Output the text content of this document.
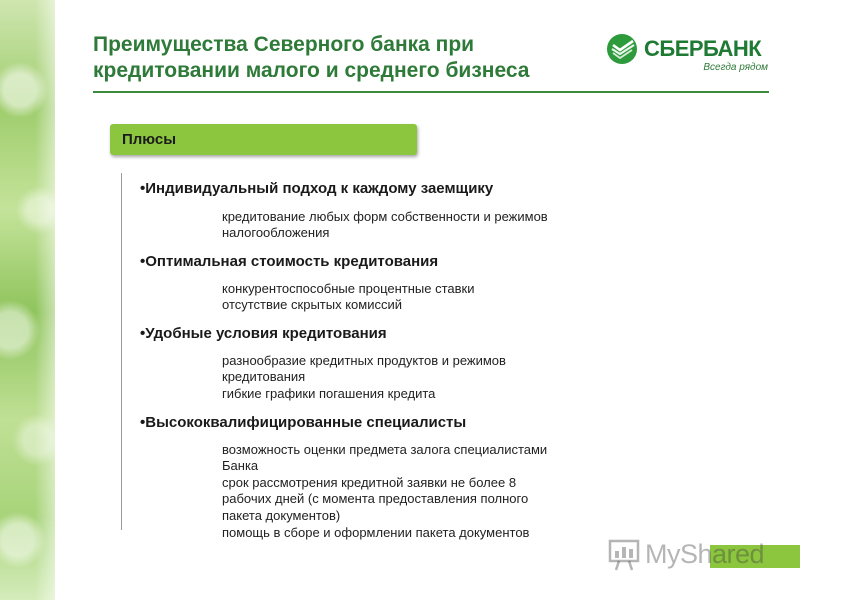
Преимущества Северного банка при
кредитовании малого и среднего бизнеса
СБЕРБАНК
Всегда рядом
Плюсы
•Индивидуальный подход к каждому заемщику
кредитование любых форм собственности и режимов
налогообложения
•Оптимальная стоимость кредитования
конкурентоспособные процентные ставки
отсутствие скрытых комиссий
•Удобные условия кредитования
разнообразие кредитных продуктов и режимов
кредитования
гибкие графики погашения кредита
•Высококвалифицированные специалисты
возможность оценки предмета залога специалистами
Банка
срок рассмотрения кредитной заявки не более 8
рабочих дней (с момента предоставления полного
пакета документов)
помощь в сборе и оформлении пакета документов
16
MyShared
